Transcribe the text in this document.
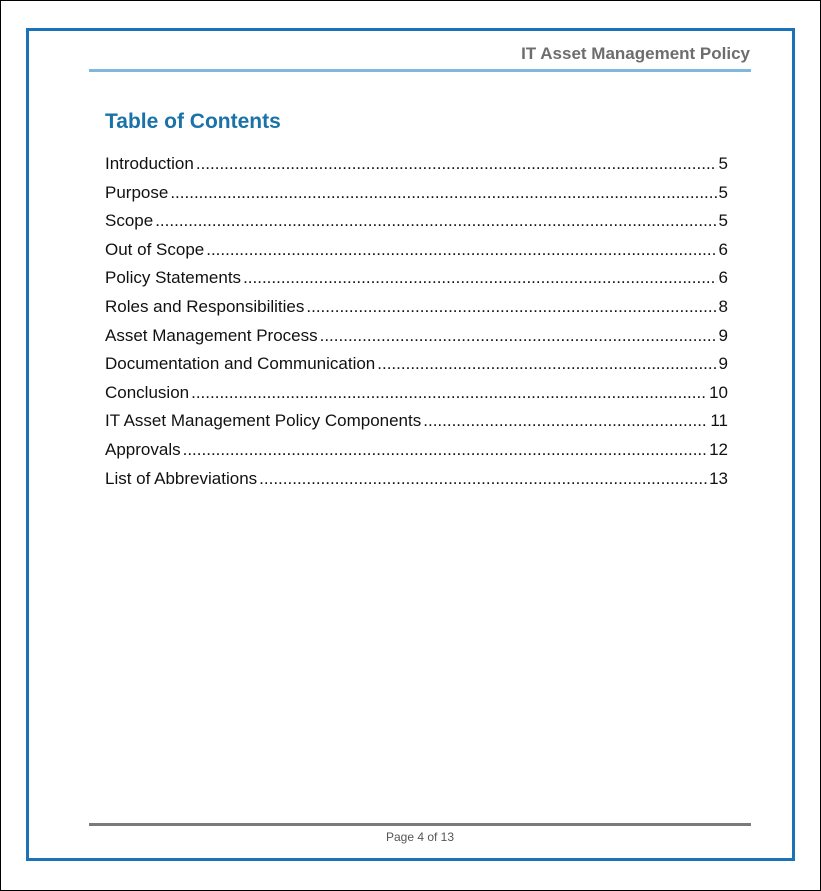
IT Asset Management Policy
Table of Contents
Introduction .....	5
Purpose .....	5
Scope .....	5
Out of Scope .....	6
Policy Statements .....	6
Roles and Responsibilities .....	8
Asset Management Process .....	9
Documentation and Communication .....	9
Conclusion .....	10
IT Asset Management Policy Components .....	11
Approvals .....	12
List of Abbreviations .....	13
Page 4 of 13
